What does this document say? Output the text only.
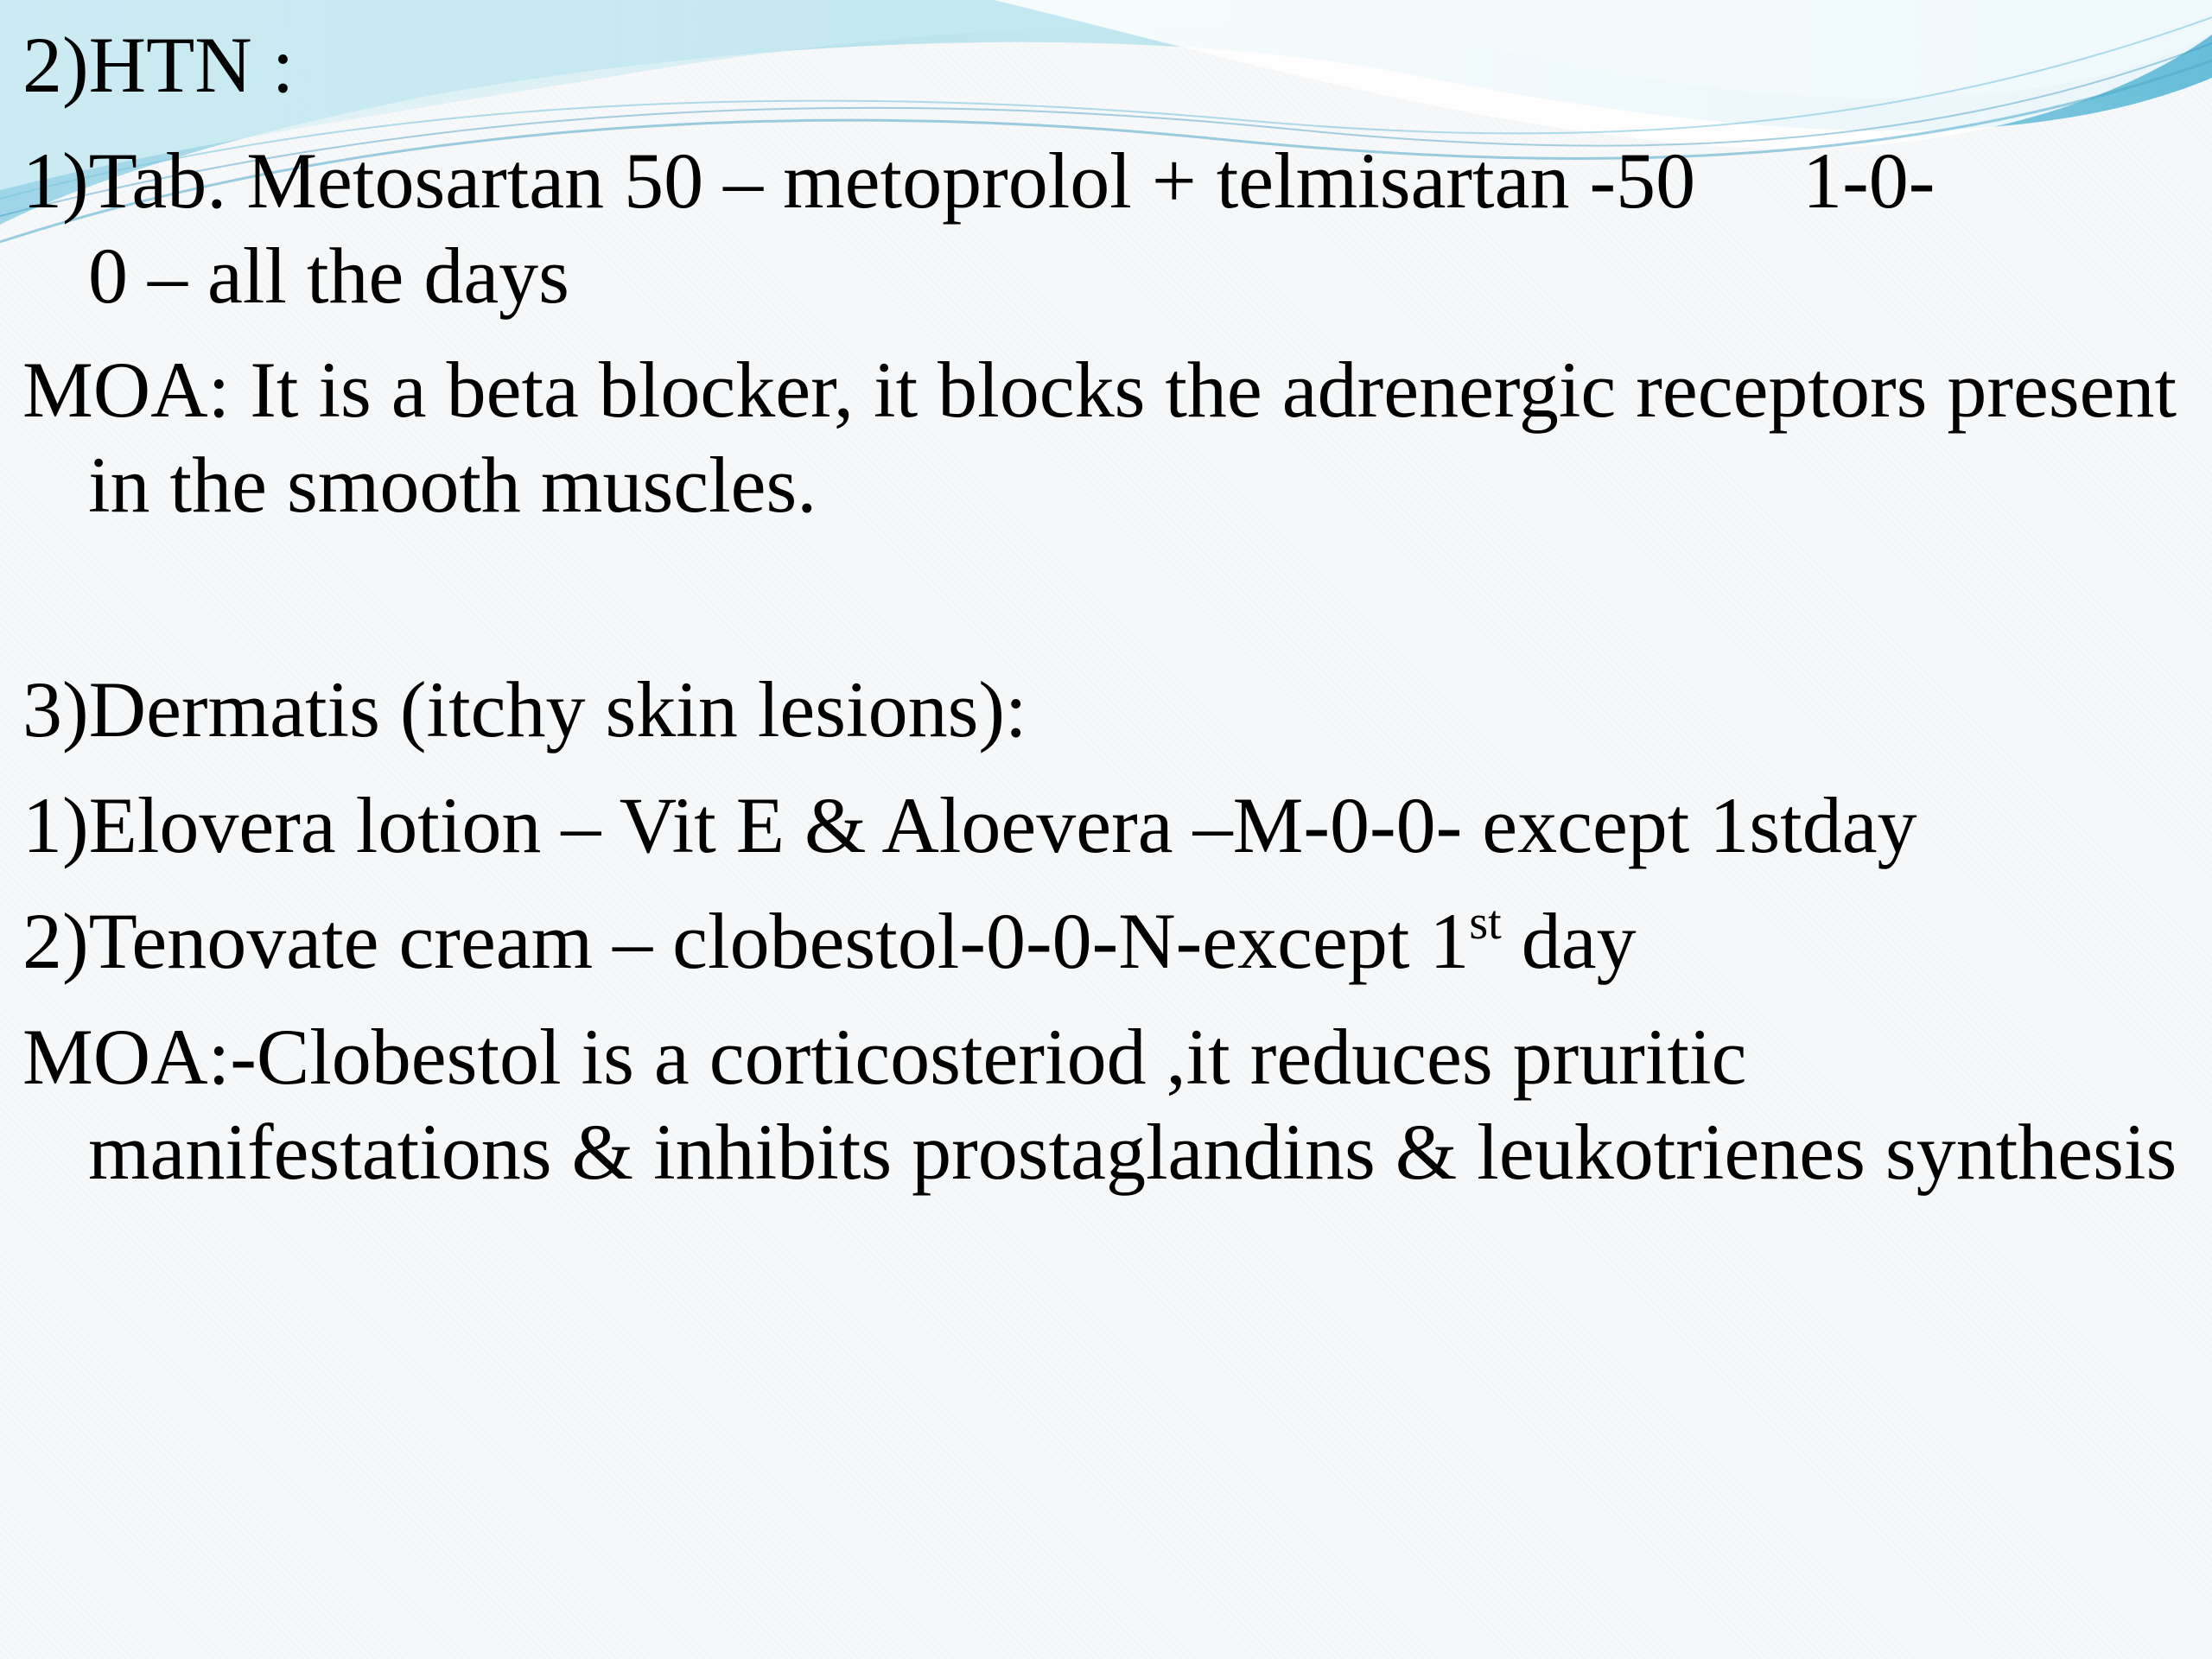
2)HTN :

1)Tab. Metosartan 50 – metoprolol + telmisartan -50 1-0-
0 – all the days

MOA: It is a beta blocker, it blocks the adrenergic receptors present in the smooth muscles.

3)Dermatis (itchy skin lesions):

1)Elovera lotion – Vit E & Aloevera –M-0-0- except 1stday

2)Tenovate cream – clobestol-0-0-N-except 1st day

MOA:-Clobestol is a corticosteriod ,it reduces pruritic manifestations & inhibits prostaglandins & leukotrienes synthesis
